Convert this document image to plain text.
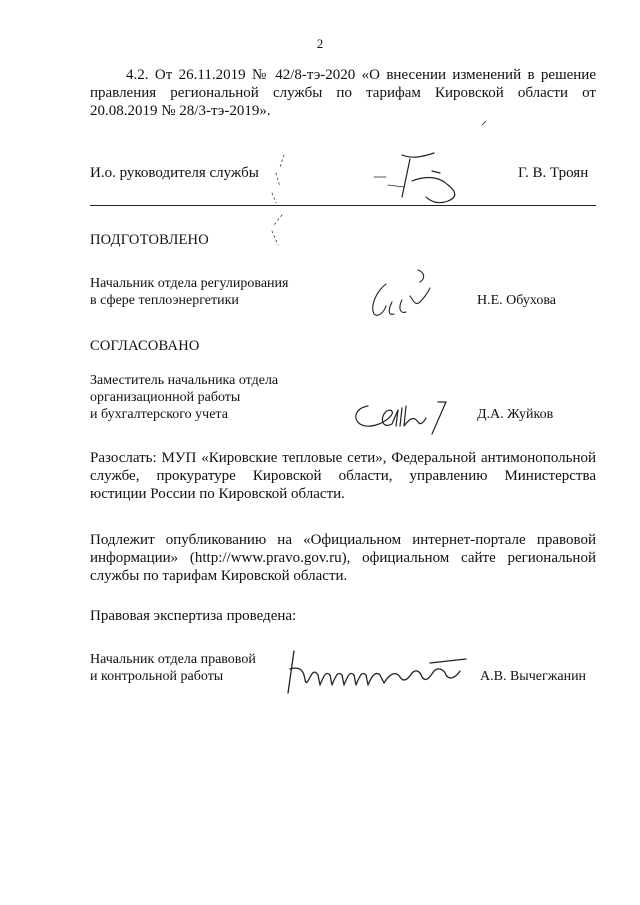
2
4.2. От 26.11.2019 № 42/8-тэ-2020 «О внесении изменений в решение
правления региональной службы по тарифам Кировской области от
20.08.2019 № 28/3-тэ-2019».
И.о. руководителя службы	Г. В. Троян
ПОДГОТОВЛЕНО
Начальник отдела регулирования
в сфере теплоэнергетики	Н.Е. Обухова
СОГЛАСОВАНО
Заместитель начальника отдела
организационной работы
и бухгалтерского учета	Д.А. Жуйков
Разослать: МУП «Кировские тепловые сети», Федеральной антимонопольной
службе, прокуратуре Кировской области, управлению Министерства
юстиции России по Кировской области.
Подлежит опубликованию на «Официальном интернет-портале правовой
информации» (http://www.pravo.gov.ru), официальном сайте региональной
службы по тарифам Кировской области.
Правовая экспертиза проведена:
Начальник отдела правовой
и контрольной работы	А.В. Вычегжанин
